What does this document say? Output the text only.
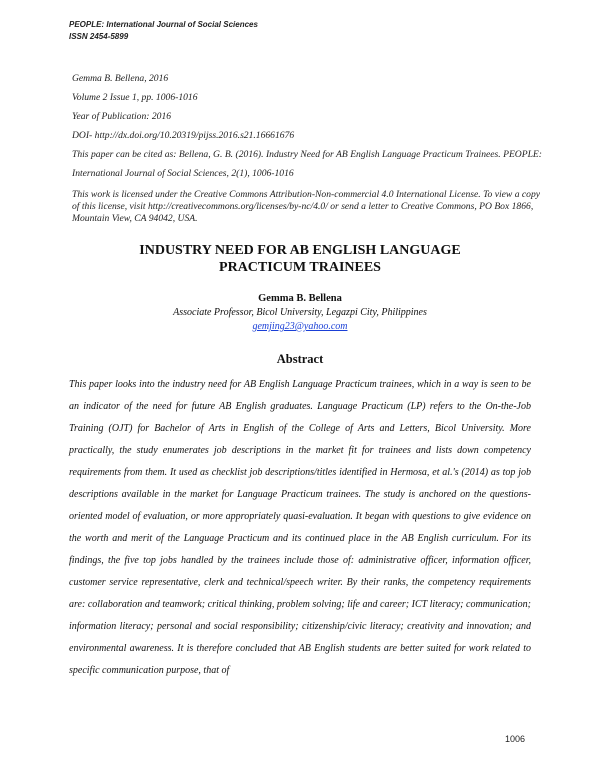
PEOPLE: International Journal of Social Sciences
ISSN 2454-5899
Gemma B. Bellena, 2016
Volume 2 Issue 1, pp. 1006-1016
Year of Publication: 2016
DOI- http://dx.doi.org/10.20319/pijss.2016.s21.16661676
This paper can be cited as: Bellena, G. B. (2016). Industry Need for AB English Language Practicum Trainees. PEOPLE: International Journal of Social Sciences, 2(1), 1006-1016
This work is licensed under the Creative Commons Attribution-Non-commercial 4.0 International License. To view a copy of this license, visit http://creativecommons.org/licenses/by-nc/4.0/ or send a letter to Creative Commons, PO Box 1866, Mountain View, CA 94042, USA.
INDUSTRY NEED FOR AB ENGLISH LANGUAGE
PRACTICUM TRAINEES
Gemma B. Bellena
Associate Professor, Bicol University, Legazpi City, Philippines
gemjing23@yahoo.com
Abstract
This paper looks into the industry need for AB English Language Practicum trainees, which in a way is seen to be an indicator of the need for future AB English graduates. Language Practicum (LP) refers to the On-the-Job Training (OJT) for Bachelor of Arts in English of the College of Arts and Letters, Bicol University. More practically, the study enumerates job descriptions in the market fit for trainees and lists down competency requirements from them. It used as checklist job descriptions/titles identified in Hermosa, et al.'s (2014) as top job descriptions available in the market for Language Practicum trainees. The study is anchored on the questions-oriented model of evaluation, or more appropriately quasi-evaluation. It began with questions to give evidence on the worth and merit of the Language Practicum and its continued place in the AB English curriculum. For its findings, the five top jobs handled by the trainees include those of: administrative officer, information officer, customer service representative, clerk and technical/speech writer. By their ranks, the competency requirements are: collaboration and teamwork; critical thinking, problem solving; life and career; ICT literacy; communication; information literacy; personal and social responsibility; citizenship/civic literacy; creativity and innovation; and environmental awareness. It is therefore concluded that AB English students are better suited for work related to specific communication purpose, that of
1006
